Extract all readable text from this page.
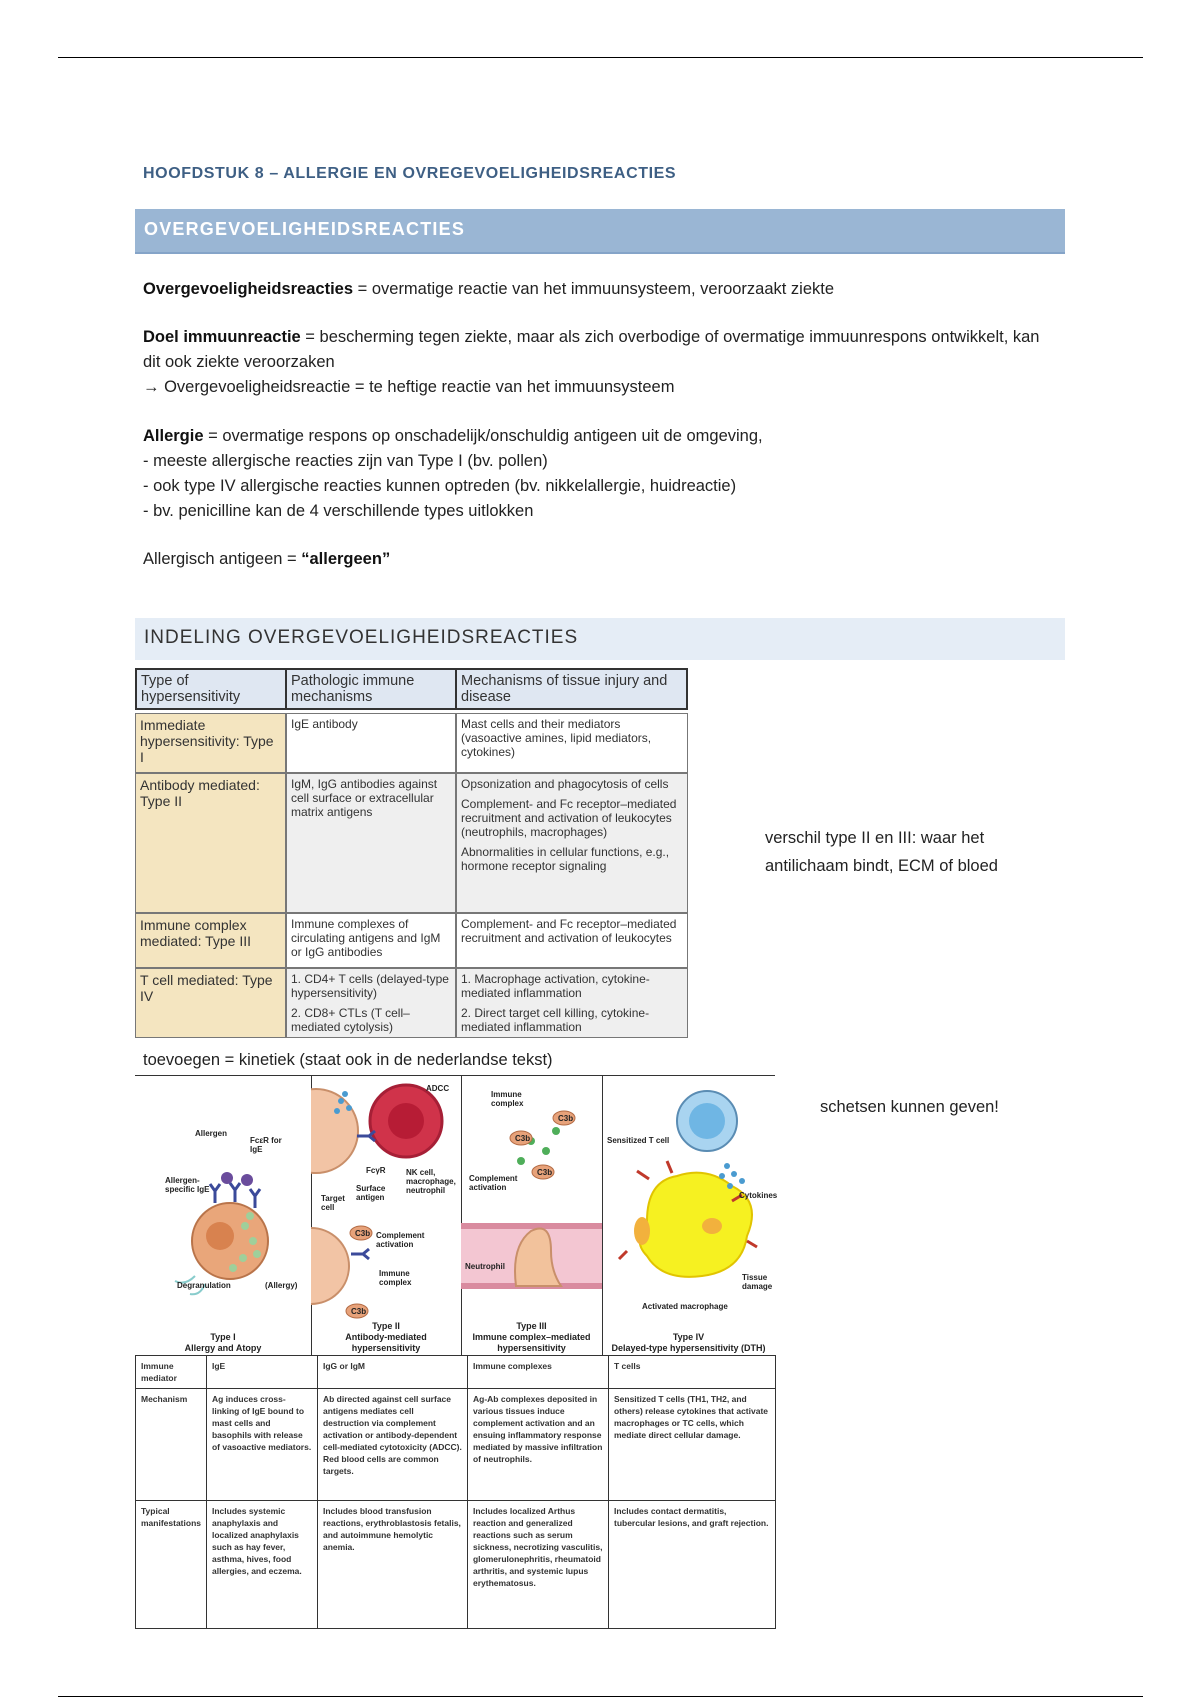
HOOFDSTUK 8 – ALLERGIE EN OVREGEVOELIGHEIDSREACTIES
OVERGEVOELIGHEIDSREACTIES
Overgevoeligheidsreacties = overmatige reactie van het immuunsysteem, veroorzaakt ziekte
Doel immuunreactie = bescherming tegen ziekte, maar als zich overbodige of overmatige immuunrespons ontwikkelt, kan dit ook ziekte veroorzaken
→ Overgevoeligheidsreactie = te heftige reactie van het immuunsysteem
Allergie = overmatige respons op onschadelijk/onschuldig antigeen uit de omgeving,
- meeste allergische reacties zijn van Type I (bv. pollen)
- ook type IV allergische reacties kunnen optreden (bv. nikkelallergie, huidreactie)
- bv. penicilline kan de 4 verschillende types uitlokken
Allergisch antigeen = “allergeen”
INDELING OVERGEVOELIGHEIDSREACTIES
Type of hypersensitivity	Pathologic immune mechanisms	Mechanisms of tissue injury and disease

Immediate hypersensitivity: Type I	IgE antibody	Mast cells and their mediators (vasoactive amines, lipid mediators, cytokines)

Antibody mediated: Type II	IgM, IgG antibodies against cell surface or extracellular matrix antigens	Opsonization and phagocytosis of cells
Complement- and Fc receptor–mediated recruitment and activation of leukocytes (neutrophils, macrophages)
Abnormalities in cellular functions, e.g., hormone receptor signaling

Immune complex mediated: Type III	Immune complexes of circulating antigens and IgM or IgG antibodies	Complement- and Fc receptor–mediated recruitment and activation of leukocytes

T cell mediated: Type IV	1. CD4+ T cells (delayed-type hypersensitivity)
2. CD8+ CTLs (T cell–mediated cytolysis)	1. Macrophage activation, cytokine-mediated inflammation
2. Direct target cell killing, cytokine-mediated inflammation
verschil type II en III: waar het antilichaam bindt, ECM of bloed
toevoegen = kinetiek (staat ook in de nederlandse tekst)
schetsen kunnen geven!
Allergen
FcεR for IgE
Allergen-specific IgE
Degranulation	(Allergy)
Type I
Allergy and Atopy
ADCC
FcγR
Surface antigen
Target cell
NK cell, macrophage, neutrophil
Complement activation
C3b
Immune complex
C3b
Type II
Antibody-mediated hypersensitivity
Immune complex
C3b
C3b
C3b
Complement activation
Neutrophil
Type III
Immune complex–mediated hypersensitivity
Sensitized T cell
Cytokines
Tissue damage
Activated macrophage
Type IV
Delayed-type hypersensitivity (DTH)
Immune mediator	IgE	IgG or IgM	Immune complexes	T cells
Mechanism	Ag induces cross-linking of IgE bound to mast cells and basophils with release of vasoactive mediators.	Ab directed against cell surface antigens mediates cell destruction via complement activation or antibody-dependent cell-mediated cytotoxicity (ADCC). Red blood cells are common targets.	Ag-Ab complexes deposited in various tissues induce complement activation and an ensuing inflammatory response mediated by massive infiltration of neutrophils.	Sensitized T cells (TH1, TH2, and others) release cytokines that activate macrophages or TC cells, which mediate direct cellular damage.
Typical manifestations	Includes systemic anaphylaxis and localized anaphylaxis such as hay fever, asthma, hives, food allergies, and eczema.	Includes blood transfusion reactions, erythroblastosis fetalis, and autoimmune hemolytic anemia.	Includes localized Arthus reaction and generalized reactions such as serum sickness, necrotizing vasculitis, glomerulonephritis, rheumatoid arthritis, and systemic lupus erythematosus.	Includes contact dermatitis, tubercular lesions, and graft rejection.
